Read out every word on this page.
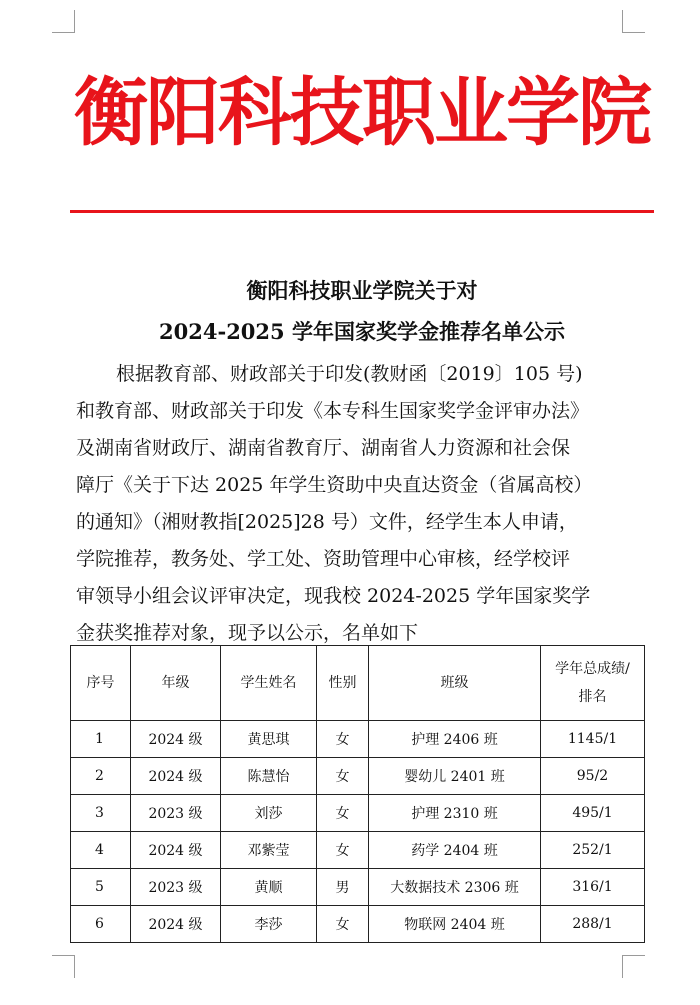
衡阳科技职业学院
衡阳科技职业学院关于对
2024-2025 学年国家奖学金推荐名单公示
根据教育部、财政部关于印发(教财函〔2019〕105 号)
和教育部、财政部关于印发《本专科生国家奖学金评审办法》
及湖南省财政厅、湖南省教育厅、湖南省人力资源和社会保
障厅《关于下达 2025 年学生资助中央直达资金（省属高校）
的通知》（湘财教指[2025]28 号）文件，经学生本人申请，
学院推荐，教务处、学工处、资助管理中心审核，经学校评
审领导小组会议评审决定，现我校 2024-2025 学年国家奖学
金获奖推荐对象，现予以公示，名单如下
序号	年级	学生姓名	性别	班级	学年总成绩/
排名
1	2024 级	黄思琪	女	护理 2406 班	1145/1
2	2024 级	陈慧怡	女	婴幼儿 2401 班	95/2
3	2023 级	刘莎	女	护理 2310 班	495/1
4	2024 级	邓紫莹	女	药学 2404 班	252/1
5	2023 级	黄顺	男	大数据技术 2306 班	316/1
6	2024 级	李莎	女	物联网 2404 班	288/1
